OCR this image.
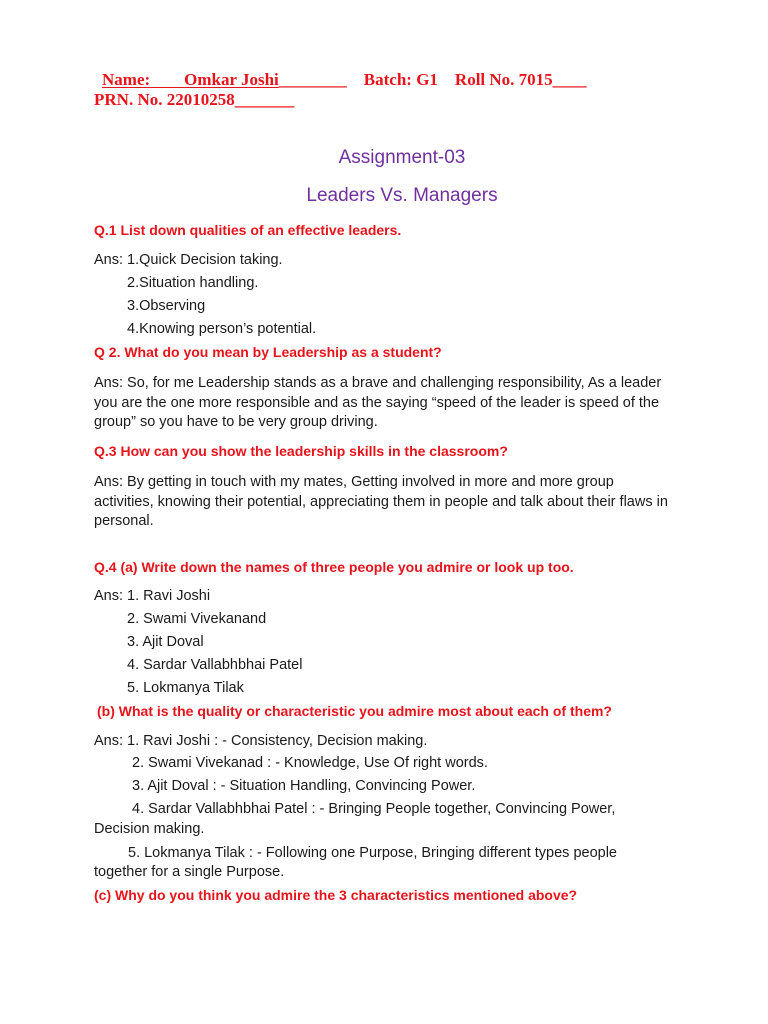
Name: Omkar Joshi________ Batch: G1 Roll No. 7015____
PRN. No. 22010258_______
Assignment-03
Leaders Vs. Managers
Q.1 List down qualities of an effective leaders.
Ans: 1.Quick Decision taking.
2.Situation handling.
3.Observing
4.Knowing person’s potential.
Q 2. What do you mean by Leadership as a student?
Ans: So, for me Leadership stands as a brave and challenging responsibility, As a leader you are the one more responsible and as the saying “speed of the leader is speed of the group” so you have to be very group driving.
Q.3 How can you show the leadership skills in the classroom?
Ans: By getting in touch with my mates, Getting involved in more and more group activities, knowing their potential, appreciating them in people and talk about their flaws in personal.
Q.4 (a) Write down the names of three people you admire or look up too.
Ans: 1. Ravi Joshi
2. Swami Vivekanand
3. Ajit Doval
4. Sardar Vallabhbhai Patel
5. Lokmanya Tilak
(b) What is the quality or characteristic you admire most about each of them?
Ans: 1. Ravi Joshi : - Consistency, Decision making.
2. Swami Vivekanad : - Knowledge, Use Of right words.
3. Ajit Doval : - Situation Handling, Convincing Power.
4. Sardar Vallabhbhai Patel : - Bringing People together, Convincing Power,
Decision making.
5. Lokmanya Tilak : - Following one Purpose, Bringing different types people
together for a single Purpose.
(c) Why do you think you admire the 3 characteristics mentioned above?
